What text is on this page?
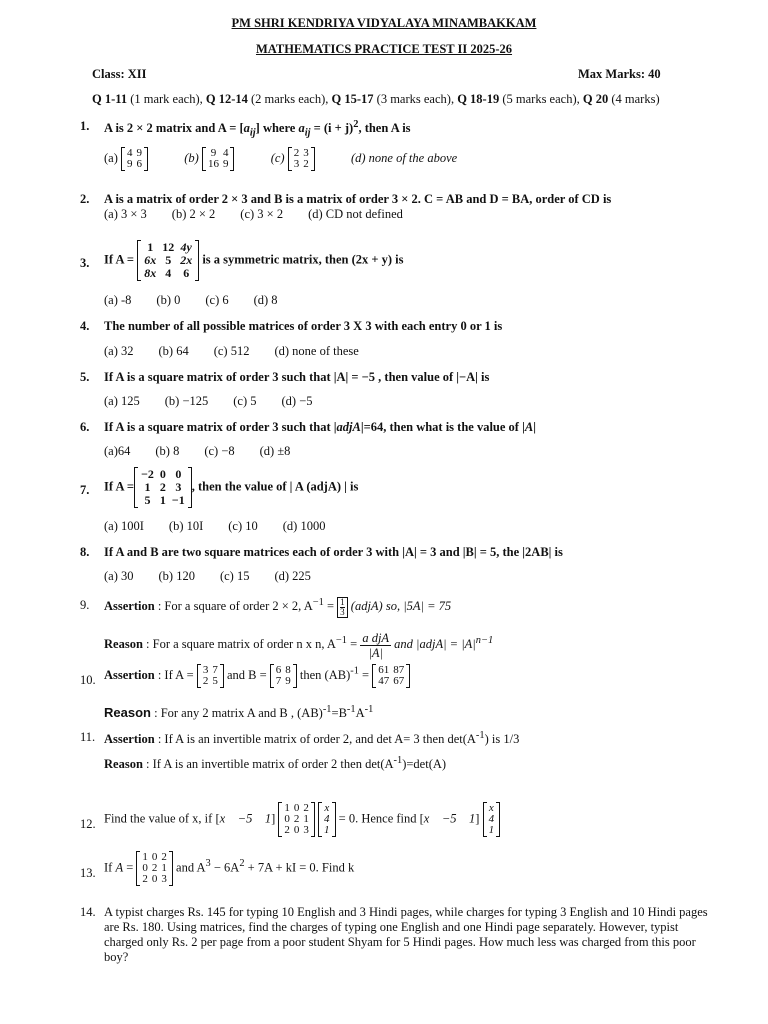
PM SHRI KENDRIYA VIDYALAYA MINAMBAKKAM
MATHEMATICS PRACTICE TEST II 2025-26
Class: XII	Max Marks: 40
Q 1-11 (1 mark each), Q 12-14 (2 marks each), Q 15-17 (3 marks each), Q 18-19 (5 marks each), Q 20 (4 marks)
1. A is 2 × 2 matrix and $A = [a_{ij}]$ where $a_{ij} = (i + j)^2$, then A is
(a) 4	9
9	6	(b) 9	4
16	9	(c) 2	3
3	2	(d) none of the above
2. A is a matrix of order 2 × 3 and B is a matrix of order 3 × 2. C = AB and D = BA, order of CD is
(a) 3 × 3        (b) 2 × 2        (c) 3 × 2        (d) CD not defined
3. If A =
1	12	4y
6x	5	2x
8x	4	6
is a symmetric matrix, then (2x + y) is
(a) -8        (b) 0        (c) 6        (d) 8
4. The number of all possible matrices of order 3 X 3 with each entry 0 or 1 is
(a) 32        (b) 64        (c) 512        (d) none of these
5. If A is a square matrix of order 3 such that |A| = −5 , then value of |−A| is
(a) 125        (b) −125        (c) 5        (d) −5
6. If A is a square matrix of order 3 such that |adjA|=64, then what is the value of |A|
(a)64        (b) 8        (c) −8        (d) ±8
7. If A =
−2	0	0
1	2	3
5	1	−1
, then the value of | A (adjA) | is
(a) 100I        (b) 10I        (c) 10        (d) 1000
8. If A and B are two square matrices each of order 3 with |A| = 3 and |B| = 5, the |2AB| is
(a) 30        (b) 120        (c) 15        (d) 225
9. Assertion : For a square of order 2 × 2, $A^{-1} = \frac{1}{3}$ (adjA) so, |5A| = 75
Reason : For a square matrix of order n x n, $A^{-1} = a$ djA
|A|
and |adjA| = $|A|^{n-1}$
10. Assertion : If A = 3	7
2	5 and B = 6	8
7	9 then (AB)$^{-1}$ = 61	87
47	67
Reason : For any 2 matrix A and B , $(AB)^{-1}=B^{-1}A^{-1}$
11. Assertion : If A is an invertible matrix of order 2, and det A= 3 then $\det(A^{-1})$ is 1/3
Reason : If A is an invertible matrix of order 2 then $\det(A^{-1})=\det(A)$
12. Find the value of x, if [x    −5    1]
1	0	2
0	2	1
2	0	3

x
4
1
= 0. Hence find [x    −5    1]
x
4
1
13. If A =
1	0	2
0	2	1
2	0	3
and $A^3 - 6A^2 + 7A$ + kI = 0. Find k
14. A typist charges Rs. 145 for typing 10 English and 3 Hindi pages, while charges for typing 3 English and 10 Hindi pages are Rs. 180. Using matrices, find the charges of typing one English and one Hindi page separately. However, typist charged only Rs. 2 per page from a poor student Shyam for 5 Hindi pages. How much less was charged from this poor boy?
